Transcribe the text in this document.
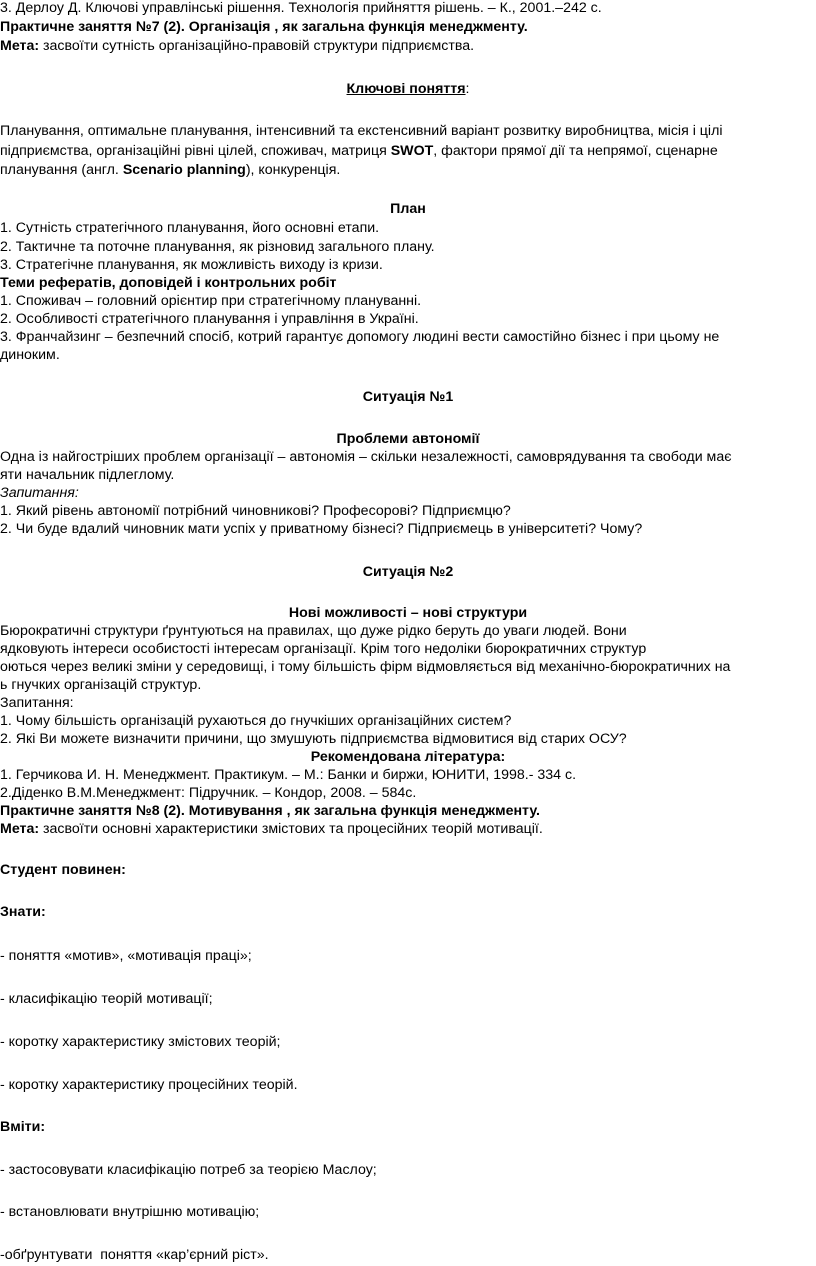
3. Дерлоу Д. Ключові управлінські рішення. Технологія прийняття рішень. – К., 2001.–242 с.
Практичне заняття №7 (2). Організація , як загальна функція менеджменту.
Мета: засвоїти сутність організаційно-правовій структури підприємства.
Ключові поняття:
Планування, оптимальне планування, інтенсивний та екстенсивний варіант розвитку виробництва, місія і цілі
підприємства, організаційні рівні цілей, споживач, матриця SWOT, фактори прямої дії та непрямої, сценарне
планування (англ. Scenario planning), конкуренція.
План
1. Сутність стратегічного планування, його основні етапи.
2. Тактичне та поточне планування, як різновид загального плану.
3. Стратегічне планування, як можливість виходу із кризи.
Теми рефератів, доповідей і контрольних робіт
1. Споживач – головний орієнтир при стратегічному плануванні.
2. Особливості стратегічного планування і управління в Україні.
3. Франчайзинг – безпечний спосіб, котрий гарантує допомогу людині вести самостійно бізнес і при цьому не
диноким.
Ситуація №1
Проблеми автономії
Одна із найгостріших проблем організації – автономія – скільки незалежності, самоврядування та свободи має
яти начальник підлеглому.
Запитання:
1. Який рівень автономії потрібний чиновникові? Професорові? Підприємцю?
2. Чи буде вдалий чиновник мати успіх у приватному бізнесі? Підприємець в університеті? Чому?
Ситуація №2
Нові можливості – нові структури
Бюрократичні структури ґрунтуються на правилах, що дуже рідко беруть до уваги людей. Вони
ядковують інтереси особистості інтересам організації. Крім того недоліки бюрократичних структур
оються через великі зміни у середовищі, і тому більшість фірм відмовляється від механічно-бюрократичних на
ь гнучких організацій структур.
Запитання:
1. Чому більшість організацій рухаються до гнучкіших організаційних систем?
2. Які Ви можете визначити причини, що змушують підприємства відмовитися від старих ОСУ?
Рекомендована література:
1. Герчикова И. Н. Менеджмент. Практикум. – М.: Банки и биржи, ЮНИТИ, 1998.- 334 с.
2.Діденко В.М.Менеджмент: Підручник. – Кондор, 2008. – 584с.
Практичне заняття №8 (2). Мотивування , як загальна функція менеджменту.
Мета: засвоїти основні характеристики змістових та процесійних теорій мотивації.
Студент повинен:
Знати:
- поняття «мотив», «мотивація праці»;
- класифікацію теорій мотивації;
- коротку характеристику змістових теорій;
- коротку характеристику процесійних теорій.
Вміти:
- застосовувати класифікацію потреб за теорією Маслоу;
- встановлювати внутрішню мотивацію;
-обґрунтувати  поняття «кар’єрний ріст».
